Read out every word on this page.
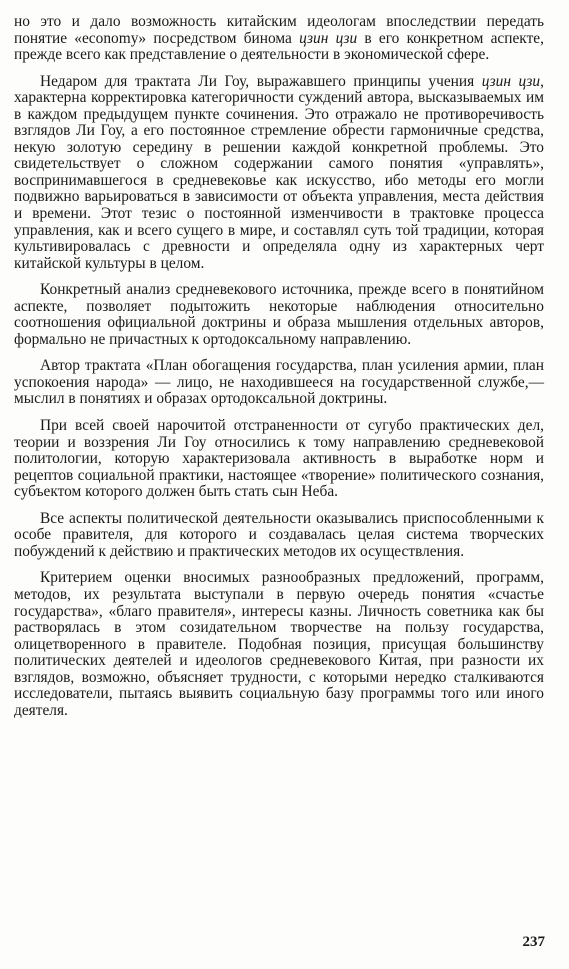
но это и дало возможность китайским идеологам впоследствии передать понятие «economy» посредством бинома цзин цзи в его конкретном аспекте, прежде всего как представление о деятельности в экономической сфере.

Недаром для трактата Ли Гоу, выражавшего принципы учения цзин цзи, характерна корректировка категоричности суждений автора, высказываемых им в каждом предыдущем пункте сочинения. Это отражало не противоречивость взглядов Ли Гоу, а его постоянное стремление обрести гармоничные средства, некую золотую середину в решении каждой конкретной проблемы. Это свидетельствует о сложном содержании самого понятия «управлять», воспринимавшегося в средневековье как искусство, ибо методы его могли подвижно варьироваться в зависимости от объекта управления, места действия и времени. Этот тезис о постоянной изменчивости в трактовке процесса управления, как и всего сущего в мире, и составлял суть той традиции, которая культивировалась с древности и определяла одну из характерных черт китайской культуры в целом.

Конкретный анализ средневекового источника, прежде всего в понятийном аспекте, позволяет подытожить некоторые наблюдения относительно соотношения официальной доктрины и образа мышления отдельных авторов, формально не причастных к ортодоксальному направлению.

Автор трактата «План обогащения государства, план усиления армии, план успокоения народа» — лицо, не находившееся на государственной службе,— мыслил в понятиях и образах ортодоксальной доктрины.

При всей своей нарочитой отстраненности от сугубо практических дел, теории и воззрения Ли Гоу относились к тому направлению средневековой политологии, которую характеризовала активность в выработке норм и рецептов социальной практики, настоящее «творение» политического сознания, субъектом которого должен быть стать сын Неба.

Все аспекты политической деятельности оказывались приспособленными к особе правителя, для которого и создавалась целая система творческих побуждений к действию и практических методов их осуществления.

Критерием оценки вносимых разнообразных предложений, программ, методов, их результата выступали в первую очередь понятия «счастье государства», «благо правителя», интересы казны. Личность советника как бы растворялась в этом созидательном творчестве на пользу государства, олицетворенного в правителе. Подобная позиция, присущая большинству политических деятелей и идеологов средневекового Китая, при разности их взглядов, возможно, объясняет трудности, с которыми нередко сталкиваются исследователи, пытаясь выявить социальную базу программы того или иного деятеля.

237
